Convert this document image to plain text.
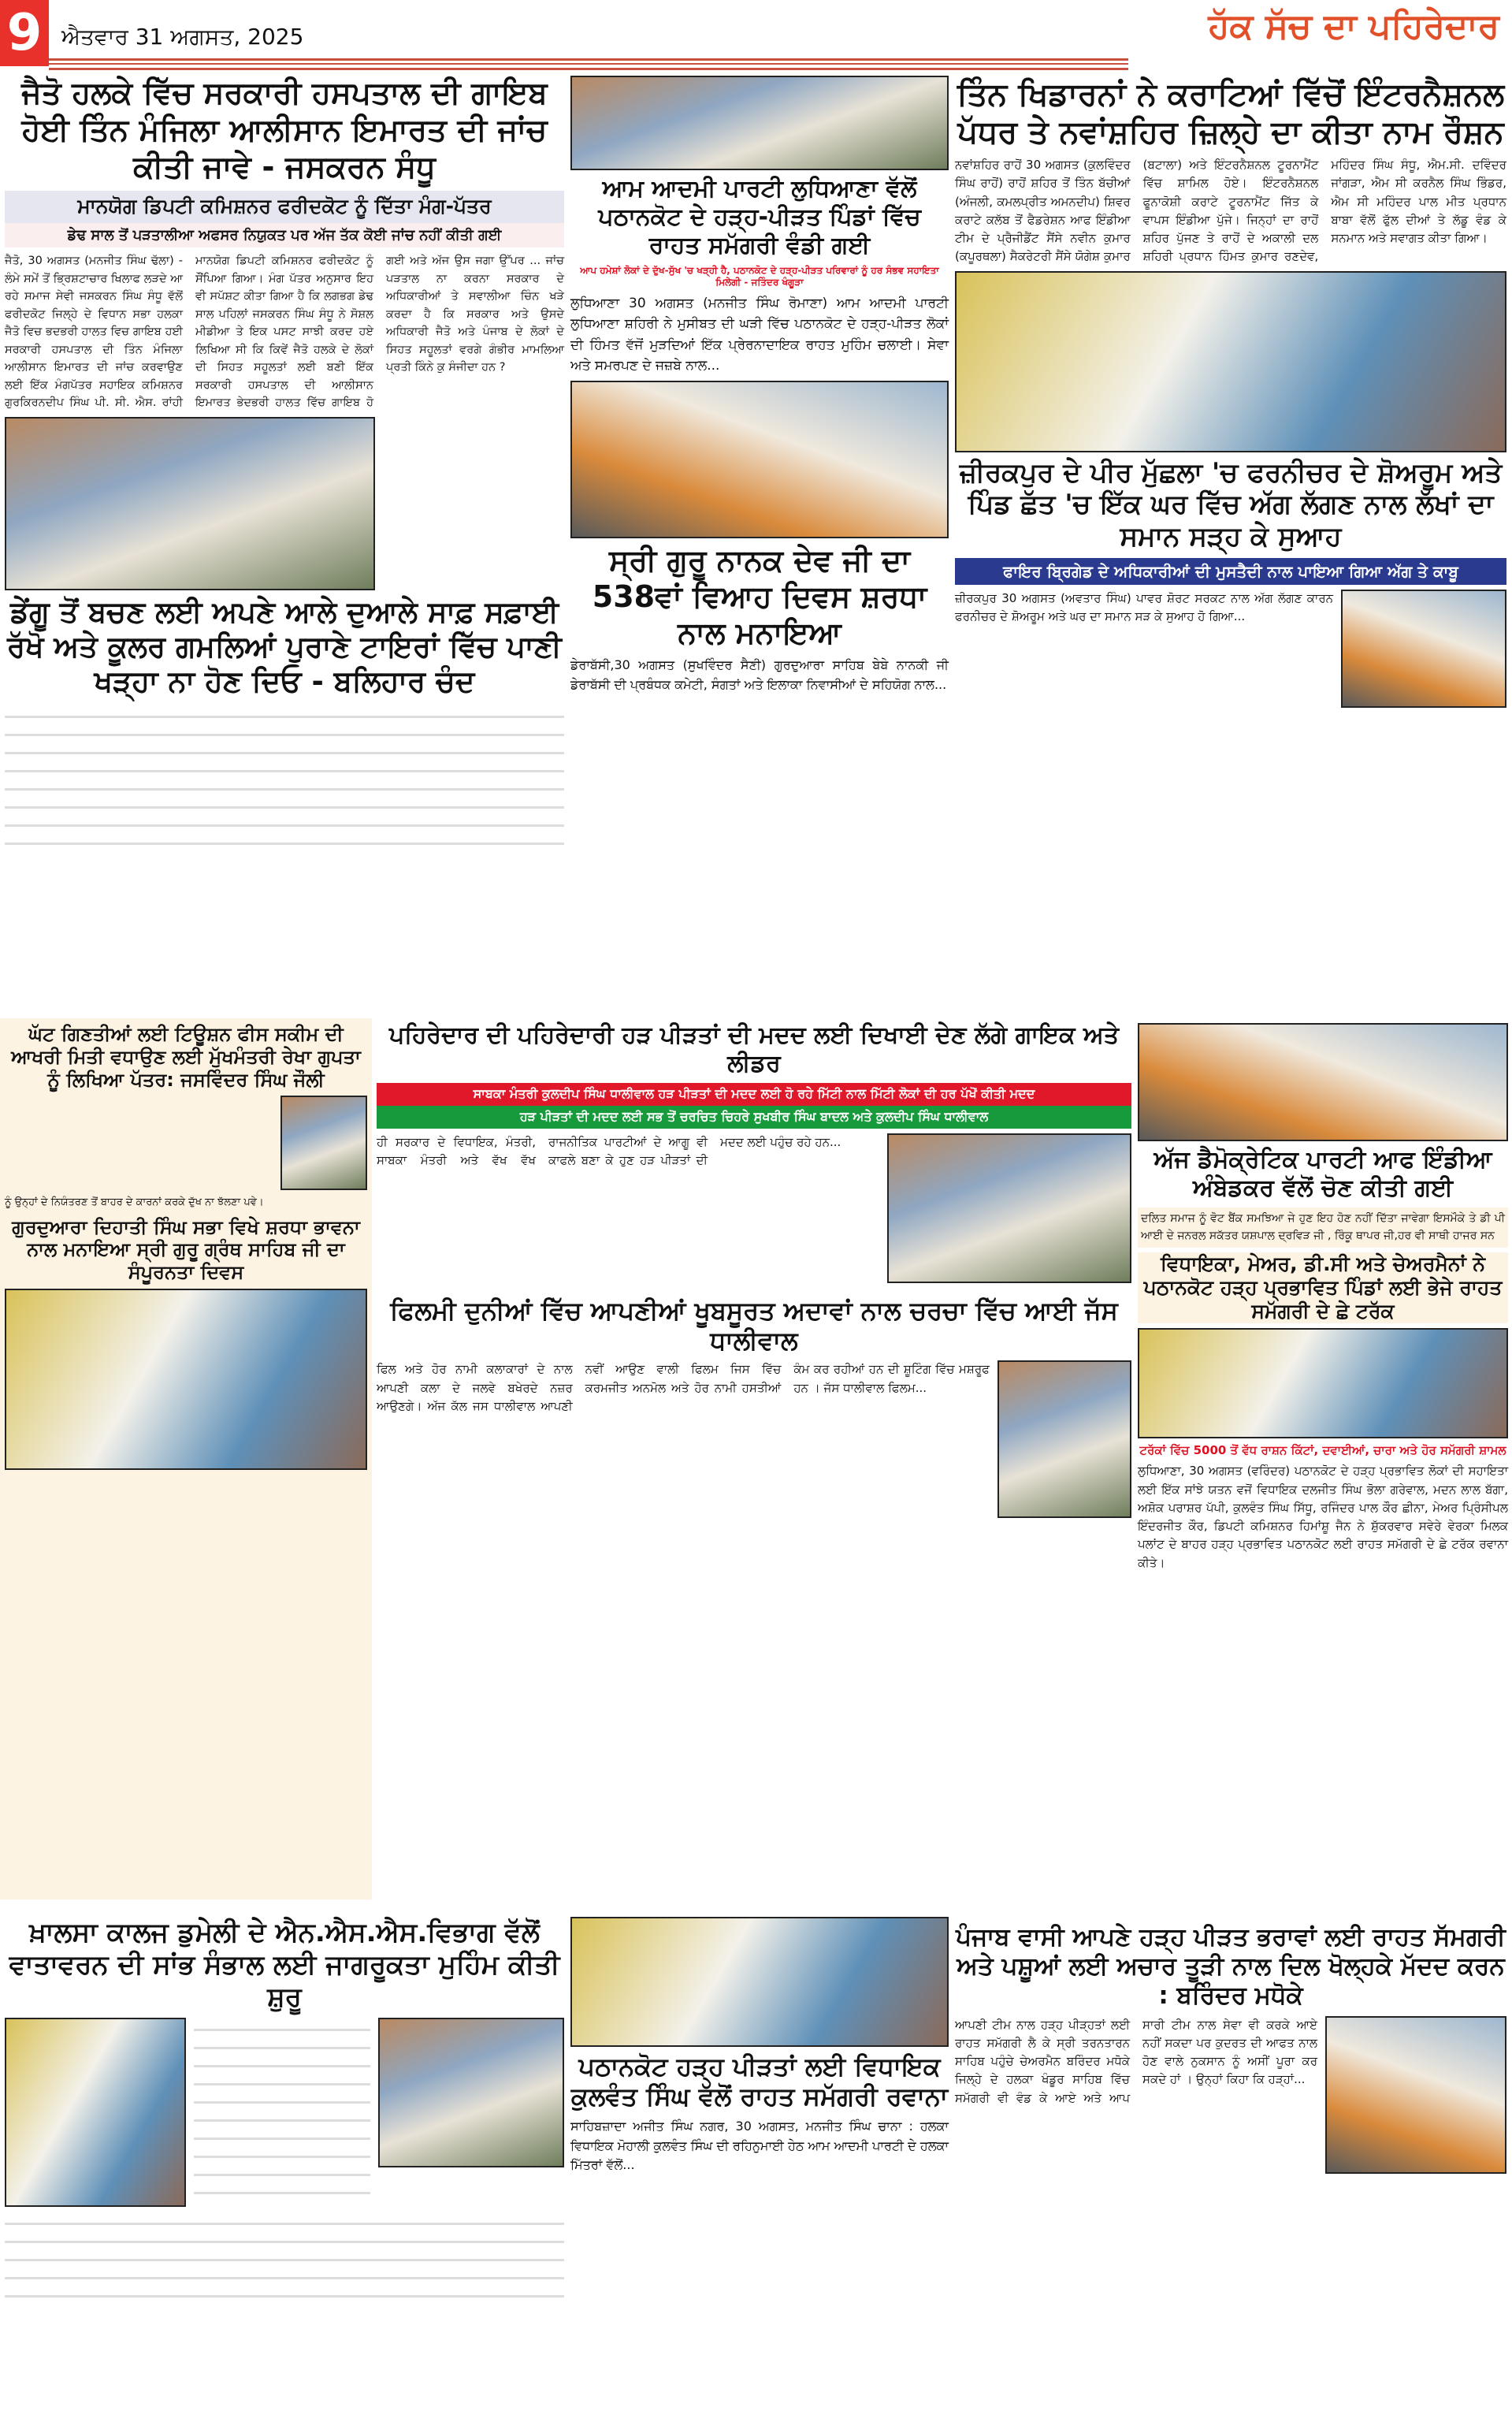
9 ਐਤਵਾਰ 31 ਅਗਸਤ, 2025	ਹੱਕ ਸੱਚ ਦਾ ਪਹਿਰੇਦਾਰ
ਜੈਤੋ ਹਲਕੇ ਵਿੱਚ ਸਰਕਾਰੀ ਹਸਪਤਾਲ ਦੀ ਗਾਇਬ ਹੋਈ ਤਿੰਨ ਮੰਜਿਲਾ ਆਲੀਸਾਨ ਇਮਾਰਤ ਦੀ ਜਾਂਚ ਕੀਤੀ ਜਾਵੇ - ਜਸਕਰਨ ਸੰਧੂ
ਮਾਨਯੋਗ ਡਿਪਟੀ ਕਮਿਸ਼ਨਰ ਫਰੀਦਕੋਟ ਨੂੰ ਦਿੱਤਾ ਮੰਗ-ਪੱਤਰ
ਡੇਢ ਸਾਲ ਤੋਂ ਪੜਤਾਲੀਆ ਅਫਸਰ ਨਿਯੁਕਤ ਪਰ ਅੱਜ ਤੱਕ ਕੋਈ ਜਾਂਚ ਨਹੀਂ ਕੀਤੀ ਗਈ
ਜੈਤੋ, 30 ਅਗਸਤ (ਮਨਜੀਤ ਸਿੰਘ ਢੱਲਾ) - ਲੰਮੇ ਸਮੇਂ ਤੋਂ ਭ੍ਰਿਸ਼ਟਾਚਾਰ ਖਿਲਾਫ ਲੜਦੇ ਆ ਰਹੇ ਸਮਾਜ ਸੇਵੀ ਜਸਕਰਨ ਸਿੰਘ ਸੰਧੂ ਵੱਲੋਂ ਫਰੀਦਕੋਟ ਜਿਲ੍ਹੇ ਦੇ ਵਿਧਾਨ ਸਭਾ ਹਲਕਾ ਜੈਤੋ ਵਿਚ ਭਦਭਰੀ ਹਾਲਤ ਵਿਚ ਗਾਇਬ ਹਈ ਸਰਕਾਰੀ ਹਸਪਤਾਲ ਦੀ ਤਿੰਨ ਮੰਜਿਲਾ ਆਲੀਸਾਨ ਇਮਾਰਤ ਦੀ ਜਾਂਚ ਕਰਵਾਉਣ ਲਈ ਇੱਕ ਮੰਗਪੱਤਰ ਸਹਾਇਕ ਕਮਿਸ਼ਨਰ ਗੁਰਕਿਰਨਦੀਪ ਸਿੰਘ ਪੀ. ਸੀ. ਐਸ. ਰਾਂਹੀ ਮਾਨਯੋਗ ਡਿਪਟੀ ਕਮਿਸ਼ਨਰ ਫਰੀਦਕੋਟ ਨੂੰ ਸੌਂਪਿਆ ਗਿਆ। ਮੰਗ ਪੱਤਰ ਅਨੁਸਾਰ ਇਹ ਵੀ ਸਪੱਸ਼ਟ ਕੀਤਾ ਗਿਆ ਹੈ ਕਿ ਲਗਭਗ ਡੇਢ ਸਾਲ ਪਹਿਲਾਂ ਜਸਕਰਨ ਸਿੰਘ ਸੰਧੂ ਨੇ ਸੋਸ਼ਲ ਮੀਡੀਆ ਤੇ ਇਕ ਪਸਟ ਸਾਝੀ ਕਰਦ ਹਏ ਲਿਖਿਆ ਸੀ ਕਿ ਕਿਵੇਂ ਜੈਤੋ ਹਲਕੇ ਦੇ ਲੋਕਾਂ ਦੀ ਸਿਹਤ ਸਹੂਲਤਾਂ ਲਈ ਬਣੀ ਇੱਕ ਸਰਕਾਰੀ ਹਸਪਤਾਲ ਦੀ ਆਲੀਸਾਨ ਇਮਾਰਤ ਭੇਦਭਰੀ ਹਾਲਤ ਵਿੱਚ ਗਾਇਬ ਹੋ ਗਈ ਅਤੇ ਅੱਜ ਉਸ ਜਗਾ ਉੱਪਰ ... ਜਾਂਚ ਪੜਤਾਲ ਨਾ ਕਰਨਾ ਸਰਕਾਰ ਦੇ ਅਧਿਕਾਰੀਆਂ ਤੇ ਸਵਾਲੀਆ ਚਿੰਨ ਖੜੇ ਕਰਦਾ ਹੈ ਕਿ ਸਰਕਾਰ ਅਤੇ ਉਸਦੇ ਅਧਿਕਾਰੀ ਜੈਤੋ ਅਤੇ ਪੰਜਾਬ ਦੇ ਲੋਕਾਂ ਦੇ ਸਿਹਤ ਸਹੂਲਤਾਂ ਵਰਗੇ ਗੰਭੀਰ ਮਾਮਲਿਆ ਪ੍ਰਤੀ ਕਿੰਨੇ ਕੁ ਸੰਜੀਦਾ ਹਨ ?
ਡੇਂਗੂ ਤੋਂ ਬਚਣ ਲਈ ਅਪਣੇ ਆਲੇ ਦੁਆਲੇ ਸਾਫ਼ ਸਫ਼ਾਈ ਰੱਖੋ ਅਤੇ ਕੂਲਰ ਗਮਲਿਆਂ ਪੁਰਾਣੇ ਟਾਇਰਾਂ ਵਿੱਚ ਪਾਣੀ ਖੜ੍ਹਾ ਨਾ ਹੋਣ ਦਿਓ - ਬਲਿਹਾਰ ਚੰਦ
ਆਮ ਆਦਮੀ ਪਾਰਟੀ ਲੁਧਿਆਣਾ ਵੱਲੋਂ ਪਠਾਨਕੋਟ ਦੇ ਹੜ੍ਹ-ਪੀੜਤ ਪਿੰਡਾਂ ਵਿੱਚ ਰਾਹਤ ਸਮੱਗਰੀ ਵੰਡੀ ਗਈ
ਆਪ ਹਮੇਸ਼ਾਂ ਲੋਕਾਂ ਦੇ ਦੁੱਖ-ਸੁੱਖ 'ਚ ਖੜ੍ਹੀ ਹੈ, ਪਠਾਨਕੋਟ ਦੇ ਹੜ੍ਹ-ਪੀੜਤ ਪਰਿਵਾਰਾਂ ਨੂੰ ਹਰ ਸੰਭਵ ਸਹਾਇਤਾ ਮਿਲੇਗੀ - ਜਤਿੰਦਰ ਖੰਗੂੜਾ
ਲੁਧਿਆਣਾ 30 ਅਗਸਤ (ਮਨਜੀਤ ਸਿੰਘ ਰੋਮਾਣਾ) ਆਮ ਆਦਮੀ ਪਾਰਟੀ ਲੁਧਿਆਣਾ ਸ਼ਹਿਰੀ ਨੇ ਮੁਸੀਬਤ ਦੀ ਘੜੀ ਵਿੱਚ ਪਠਾਨਕੋਟ ਦੇ ਹੜ੍ਹ-ਪੀੜਤ ਲੋਕਾਂ ਦੀ ਹਿੰਮਤ ਵੱਜੋਂ ਮੁੜਦਿਆਂ ਇੱਕ ਪ੍ਰੇਰਨਾਦਾਇਕ ਰਾਹਤ ਮੁਹਿੰਮ ਚਲਾਈ। ਸੇਵਾ ਅਤੇ ਸਮਰਪਣ ਦੇ ਜਜ਼ਬੇ ਨਾਲ...
ਸ੍ਰੀ ਗੁਰੂ ਨਾਨਕ ਦੇਵ ਜੀ ਦਾ 538ਵਾਂ ਵਿਆਹ ਦਿਵਸ ਸ਼ਰਧਾ ਨਾਲ ਮਨਾਇਆ
ਡੇਰਾਬੱਸੀ,30 ਅਗਸਤ (ਸੁਖਵਿੰਦਰ ਸੈਣੀ) ਗੁਰਦੁਆਰਾ ਸਾਹਿਬ ਬੇਬੇ ਨਾਨਕੀ ਜੀ ਡੇਰਾਬੱਸੀ ਦੀ ਪ੍ਰਬੰਧਕ ਕਮੇਟੀ, ਸੰਗਤਾਂ ਅਤੇ ਇਲਾਕਾ ਨਿਵਾਸੀਆਂ ਦੇ ਸਹਿਯੋਗ ਨਾਲ...
ਤਿੰਨ ਖਿਡਾਰਨਾਂ ਨੇ ਕਰਾਟਿਆਂ ਵਿੱਚੋਂ ਇੰਟਰਨੈਸ਼ਨਲ ਪੱਧਰ ਤੇ ਨਵਾਂਸ਼ਹਿਰ ਜ਼ਿਲ੍ਹੇ ਦਾ ਕੀਤਾ ਨਾਮ ਰੌਸ਼ਨ
ਨਵਾਂਸ਼ਹਿਰ ਰਾਹੋਂ 30 ਅਗਸਤ (ਕੁਲਵਿੰਦਰ ਸਿੰਘ ਰਾਹੋਂ) ਰਾਹੋਂ ਸ਼ਹਿਰ ਤੋਂ ਤਿੰਨ ਬੱਚੀਆਂ (ਅੰਜਲੀ, ਕਮਲਪ੍ਰੀਤ ਅਮਨਦੀਪ) ਸ਼ਿਵਰ ਕਰਾਟੇ ਕਲੱਬ ਤੋਂ ਫੈਡਰੇਸ਼ਨ ਆਫ ਇੰਡੀਆ ਟੀਮ ਦੇ ਪ੍ਰੈਜੀਡੈਂਟ ਸੈਂਸੇ ਨਵੀਨ ਕੁਮਾਰ (ਕਪੂਰਥਲਾ) ਸੈਕਰੇਟਰੀ ਸੈਂਸੇ ਯੋਗੇਸ਼ ਕੁਮਾਰ (ਬਟਾਲਾ) ਅਤੇ ਇੰਟਰਨੈਸ਼ਨਲ ਟੂਰਨਾਮੈਂਟ ਵਿੱਚ ਸ਼ਾਮਿਲ ਹੋਏ। ਇੰਟਰਨੈਸ਼ਨਲ ਫੂਨਾਕੋਸ਼ੀ ਕਰਾਟੇ ਟੂਰਨਾਮੈਂਟ ਜਿੱਤ ਕੇ ਵਾਪਸ ਇੰਡੀਆ ਪੁੱਜੇ। ਜਿਨ੍ਹਾਂ ਦਾ ਰਾਹੋਂ ਸ਼ਹਿਰ ਪੁੱਜਣ ਤੇ ਰਾਹੋਂ ਦੇ ਅਕਾਲੀ ਦਲ ਸ਼ਹਿਰੀ ਪ੍ਰਧਾਨ ਹਿੰਮਤ ਕੁਮਾਰ ਰਣਦੇਵ, ਮਹਿੰਦਰ ਸਿੰਘ ਸੰਧੂ, ਐਮ.ਸੀ. ਦਵਿੰਦਰ ਜਾਂਗੜਾ, ਐਮ ਸੀ ਕਰਨੈਲ ਸਿੰਘ ਭਿੰਡਰ, ਐਮ ਸੀ ਮਹਿੰਦਰ ਪਾਲ ਮੀਤ ਪ੍ਰਧਾਨ ਬਾਬਾ ਵੱਲੋਂ ਫੁੱਲ ਦੀਆਂ ਤੇ ਲੱਡੂ ਵੰਡ ਕੇ ਸਨਮਾਨ ਅਤੇ ਸਵਾਗਤ ਕੀਤਾ ਗਿਆ।
ਜ਼ੀਰਕਪੁਰ ਦੇ ਪੀਰ ਮੁੱਛਲਾ 'ਚ ਫਰਨੀਚਰ ਦੇ ਸ਼ੋਅਰੂਮ ਅਤੇ ਪਿੰਡ ਛੱਤ 'ਚ ਇੱਕ ਘਰ ਵਿੱਚ ਅੱਗ ਲੱਗਣ ਨਾਲ ਲੱਖਾਂ ਦਾ ਸਮਾਨ ਸੜ੍ਹ ਕੇ ਸੁਆਹ
ਫਾਇਰ ਬ੍ਰਿਗੇਡ ਦੇ ਅਧਿਕਾਰੀਆਂ ਦੀ ਮੁਸਤੈਦੀ ਨਾਲ ਪਾਇਆ ਗਿਆ ਅੱਗ ਤੇ ਕਾਬੂ
ਜ਼ੀਰਕਪੁਰ 30 ਅਗਸਤ (ਅਵਤਾਰ ਸਿੰਘ) ਪਾਵਰ ਸ਼ੋਰਟ ਸਰਕਟ ਨਾਲ ਅੱਗ ਲੱਗਣ ਕਾਰਨ ਫਰਨੀਚਰ ਦੇ ਸ਼ੋਅਰੂਮ ਅਤੇ ਘਰ ਦਾ ਸਮਾਨ ਸੜ ਕੇ ਸੁਆਹ ਹੋ ਗਿਆ...
ਘੱਟ ਗਿਣਤੀਆਂ ਲਈ ਟਿਊਸ਼ਨ ਫੀਸ ਸਕੀਮ ਦੀ ਆਖਰੀ ਮਿਤੀ ਵਧਾਉਣ ਲਈ ਮੁੱਖਮੰਤਰੀ ਰੇਖਾ ਗੁਪਤਾ ਨੂੰ ਲਿਖਿਆ ਪੱਤਰ: ਜਸਵਿੰਦਰ ਸਿੰਘ ਜੌਲੀ
ਨੂੰ ਉਨ੍ਹਾਂ ਦੇ ਨਿਯੰਤਰਣ ਤੋਂ ਬਾਹਰ ਦੇ ਕਾਰਨਾਂ ਕਰਕੇ ਦੁੱਖ ਨਾ ਝੱਲਣਾ ਪਵੇ।
ਗੁਰਦੁਆਰਾ ਦਿਹਾਤੀ ਸਿੰਘ ਸਭਾ ਵਿਖੇ ਸ਼ਰਧਾ ਭਾਵਨਾ ਨਾਲ ਮਨਾਇਆ ਸ੍ਰੀ ਗੁਰੂ ਗ੍ਰੰਥ ਸਾਹਿਬ ਜੀ ਦਾ ਸੰਪੂਰਨਤਾ ਦਿਵਸ
ਪਹਿਰੇਦਾਰ ਦੀ ਪਹਿਰੇਦਾਰੀ ਹੜ ਪੀੜਤਾਂ ਦੀ ਮਦਦ ਲਈ ਦਿਖਾਈ ਦੇਣ ਲੱਗੇ ਗਾਇਕ ਅਤੇ ਲੀਡਰ
ਸਾਬਕਾ ਮੰਤਰੀ ਕੁਲਦੀਪ ਸਿੰਘ ਧਾਲੀਵਾਲ ਹੜ ਪੀੜਤਾਂ ਦੀ ਮਦਦ ਲਈ ਹੋ ਰਹੇ ਮਿੱਟੀ ਨਾਲ ਮਿੱਟੀ ਲੋਕਾਂ ਦੀ ਹਰ ਪੱਖੋਂ ਕੀਤੀ ਮਦਦ
ਹੜ ਪੀੜਤਾਂ ਦੀ ਮਦਦ ਲਈ ਸਭ ਤੋਂ ਚਰਚਿਤ ਚਿਹਰੇ ਸੁਖਬੀਰ ਸਿੰਘ ਬਾਦਲ ਅਤੇ ਕੁਲਦੀਪ ਸਿੰਘ ਧਾਲੀਵਾਲ
ਹੀ ਸਰਕਾਰ ਦੇ ਵਿਧਾਇਕ, ਮੰਤਰੀ, ਸਾਬਕਾ ਮੰਤਰੀ ਅਤੇ ਵੱਖ ਵੱਖ ਰਾਜਨੀਤਿਕ ਪਾਰਟੀਆਂ ਦੇ ਆਗੂ ਵੀ ਕਾਫਲੇ ਬਣਾ ਕੇ ਹੁਣ ਹੜ ਪੀੜਤਾਂ ਦੀ ਮਦਦ ਲਈ ਪਹੁੰਚ ਰਹੇ ਹਨ...
ਫਿਲਮੀ ਦੁਨੀਆਂ ਵਿੱਚ ਆਪਣੀਆਂ ਖੂਬਸੂਰਤ ਅਦਾਵਾਂ ਨਾਲ ਚਰਚਾ ਵਿੱਚ ਆਈ ਜੱਸ ਧਾਲੀਵਾਲ
ਫਿਲ ਅਤੇ ਹੋਰ ਨਾਮੀ ਕਲਾਕਾਰਾਂ ਦੇ ਨਾਲ ਆਪਣੀ ਕਲਾ ਦੇ ਜਲਵੇ ਬਖੇਰਦੇ ਨਜ਼ਰ ਆਉਣਗੇ। ਅੱਜ ਕੱਲ ਜਸ ਧਾਲੀਵਾਲ ਆਪਣੀ ਨਵੀਂ ਆਉਣ ਵਾਲੀ ਫਿਲਮ ਜਿਸ ਵਿੱਚ ਕਰਮਜੀਤ ਅਨਮੋਲ ਅਤੇ ਹੋਰ ਨਾਮੀ ਹਸਤੀਆਂ ਕੰਮ ਕਰ ਰਹੀਆਂ ਹਨ ਦੀ ਸ਼ੂਟਿੰਗ ਵਿੱਚ ਮਸ਼ਰੂਫ ਹਨ । ਜੱਸ ਧਾਲੀਵਾਲ ਫਿਲਮ...
ਅੱਜ ਡੈਮੋਕ੍ਰੇਟਿਕ ਪਾਰਟੀ ਆਫ ਇੰਡੀਆ ਅੰਬੇਡਕਰ ਵੱਲੋਂ ਚੋਣ ਕੀਤੀ ਗਈ
ਦਲਿਤ ਸਮਾਜ ਨੂੰ ਵੋਟ ਬੈਂਕ ਸਮਝਿਆ ਜੇ ਹੁਣ ਇਹ ਹੋਣ ਨਹੀਂ ਦਿੱਤਾ ਜਾਵੇਗਾ ਇਸਮੌਕੇ ਤੇ ਡੀ ਪੀ ਆਈ ਦੇ ਜਨਰਲ ਸਕੱਤਰ ਯਸ਼ਪਾਲ ਦ੍ਰਵਿੜ ਜੀ , ਰਿੰਕੂ ਥਾਪਰ ਜੀ,ਹਰ ਵੀ ਸਾਥੀ ਹਾਜਰ ਸਨ
ਵਿਧਾਇਕਾ, ਮੇਅਰ, ਡੀ.ਸੀ ਅਤੇ ਚੇਅਰਮੈਨਾਂ ਨੇ ਪਠਾਨਕੋਟ ਹੜ੍ਹ ਪ੍ਰਭਾਵਿਤ ਪਿੰਡਾਂ ਲਈ ਭੇਜੇ ਰਾਹਤ ਸਮੱਗਰੀ ਦੇ ਛੇ ਟਰੱਕ
ਟਰੱਕਾਂ ਵਿੱਚ 5000 ਤੋਂ ਵੱਧ ਰਾਸ਼ਨ ਕਿੱਟਾਂ, ਦਵਾਈਆਂ, ਚਾਰਾ ਅਤੇ ਹੋਰ ਸਮੱਗਰੀ ਸ਼ਾਮਲ
ਲੁਧਿਆਣਾ, 30 ਅਗਸਤ (ਵਰਿੰਦਰ) ਪਠਾਨਕੋਟ ਦੇ ਹੜ੍ਹ ਪ੍ਰਭਾਵਿਤ ਲੋਕਾਂ ਦੀ ਸਹਾਇਤਾ ਲਈ ਇੱਕ ਸਾਂਝੇ ਯਤਨ ਵਜੋਂ ਵਿਧਾਇਕ ਦਲਜੀਤ ਸਿੰਘ ਭੋਲਾ ਗਰੇਵਾਲ, ਮਦਨ ਲਾਲ ਬੱਗਾ, ਅਸ਼ੋਕ ਪਰਾਸ਼ਰ ਪੱਪੀ, ਕੁਲਵੰਤ ਸਿੰਘ ਸਿੱਧੂ, ਰਜਿੰਦਰ ਪਾਲ ਕੌਰ ਛੀਨਾ, ਮੇਅਰ ਪ੍ਰਿੰਸੀਪਲ ਇੰਦਰਜੀਤ ਕੌਰ, ਡਿਪਟੀ ਕਮਿਸ਼ਨਰ ਹਿਮਾਂਸ਼ੂ ਜੈਨ ਨੇ ਸ਼ੁੱਕਰਵਾਰ ਸਵੇਰੇ ਵੇਰਕਾ ਮਿਲਕ ਪਲਾਂਟ ਦੇ ਬਾਹਰ ਹੜ੍ਹ ਪ੍ਰਭਾਵਿਤ ਪਠਾਨਕੋਟ ਲਈ ਰਾਹਤ ਸਮੱਗਰੀ ਦੇ ਛੇ ਟਰੱਕ ਰਵਾਨਾ ਕੀਤੇ।
ਖ਼ਾਲਸਾ ਕਾਲਜ ਡੁਮੇਲੀ ਦੇ ਐਨ.ਐਸ.ਐਸ.ਵਿਭਾਗ ਵੱਲੋਂ ਵਾਤਾਵਰਨ ਦੀ ਸਾਂਭ ਸੰਭਾਲ ਲਈ ਜਾਗਰੂਕਤਾ ਮੁਹਿੰਮ ਕੀਤੀ ਸ਼ੁਰੂ
ਪਠਾਨਕੋਟ ਹੜ੍ਹ ਪੀੜਤਾਂ ਲਈ ਵਿਧਾਇਕ ਕੁਲਵੰਤ ਸਿੰਘ ਵੱਲੋਂ ਰਾਹਤ ਸਮੱਗਰੀ ਰਵਾਨਾ
ਸਾਹਿਬਜ਼ਾਦਾ ਅਜੀਤ ਸਿੰਘ ਨਗਰ, 30 ਅਗਸਤ, ਮਨਜੀਤ ਸਿੰਘ ਚਾਨਾ : ਹਲਕਾ ਵਿਧਾਇਕ ਮੋਹਾਲੀ ਕੁਲਵੰਤ ਸਿੰਘ ਦੀ ਰਹਿਨੁਮਾਈ ਹੇਠ ਆਮ ਆਦਮੀ ਪਾਰਟੀ ਦੇ ਹਲਕਾ ਮਿੱਤਰਾਂ ਵੱਲੋਂ...
ਪੰਜਾਬ ਵਾਸੀ ਆਪਣੇ ਹੜ੍ਹ ਪੀੜਤ ਭਰਾਵਾਂ ਲਈ ਰਾਹਤ ਸੱਮਗਰੀ ਅਤੇ ਪਸ਼ੂਆਂ ਲਈ ਅਚਾਰ ਤੂੜੀ ਨਾਲ ਦਿਲ ਖੋਲ੍ਹਕੇ ਮੱਦਦ ਕਰਨ : ਬਰਿੰਦਰ ਮਧੋਕੇ
ਆਪਣੀ ਟੀਮ ਨਾਲ ਹੜ੍ਹ ਪੀੜ੍ਹਤਾਂ ਲਈ ਰਾਹਤ ਸਮੱਗਰੀ ਲੈ ਕੇ ਸ੍ਰੀ ਤਰਨਤਾਰਨ ਸਾਹਿਬ ਪਹੁੰਚੇ ਚੇਅਰਮੈਨ ਬਰਿੰਦਰ ਮਧੋਕੇ ਜਿਲ੍ਹੇ ਦੇ ਹਲਕਾ ਖੰਡੂਰ ਸਾਹਿਬ ਵਿੱਚ ਸਮੱਗਰੀ ਵੀ ਵੰਡ ਕੇ ਆਏ ਅਤੇ ਆਪ ਸਾਰੀ ਟੀਮ ਨਾਲ ਸੇਵਾ ਵੀ ਕਰਕੇ ਆਏ ਨਹੀਂ ਸਕਦਾ ਪਰ ਕੁਦਰਤ ਦੀ ਆਫਤ ਨਾਲ ਹੋਣ ਵਾਲੇ ਨੁਕਸਾਨ ਨੂੰ ਅਸੀਂ ਪੂਰਾ ਕਰ ਸਕਦੇ ਹਾਂ । ਉਨ੍ਹਾਂ ਕਿਹਾ ਕਿ ਹੜ੍ਹਾਂ...
